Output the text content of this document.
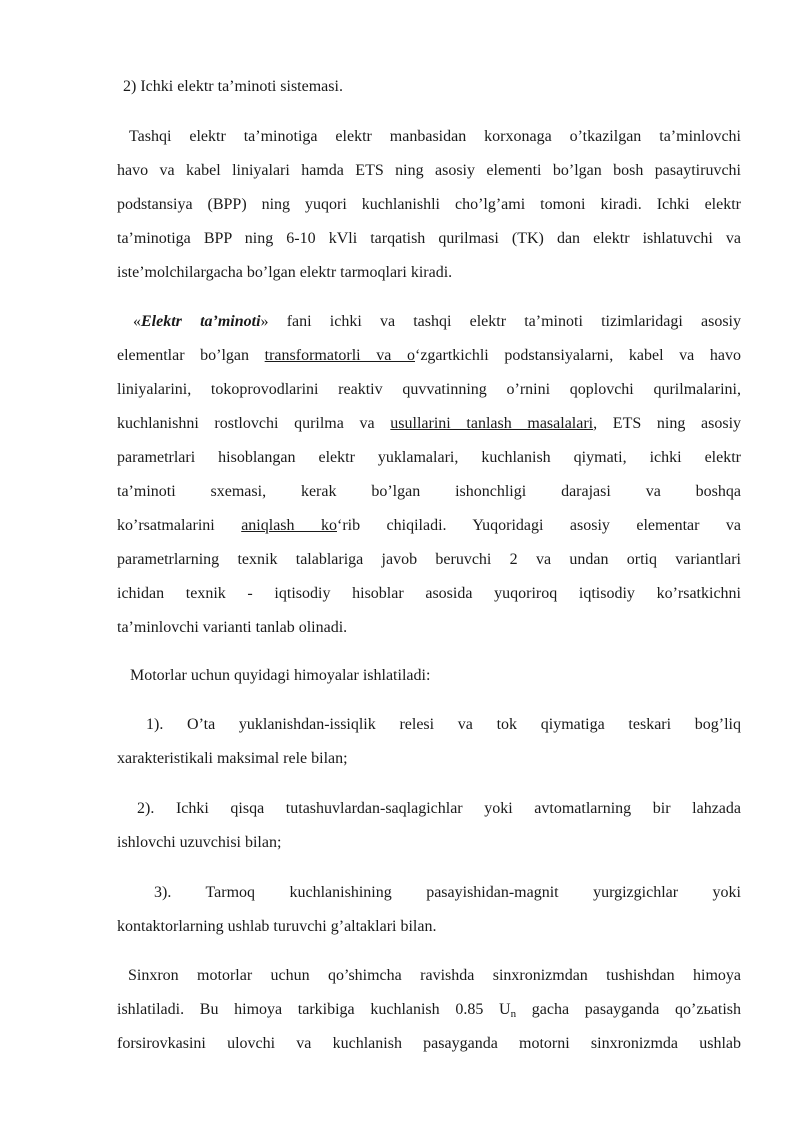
2) Ichki elektr ta’minoti sistemasi.
Tashqi elektr ta’minotiga elektr manbasidan korxonaga o’tkazilgan ta’minlovchi
havo va kabel liniyalari hamda ETS ning asosiy elementi bo’lgan bosh pasaytiruvchi
podstansiya (BPP) ning yuqori kuchlanishli cho’lg’ami tomoni kiradi. Ichki elektr
ta’minotiga BPP ning 6-10 kVli tarqatish qurilmasi (TK) dan elektr ishlatuvchi va
iste’molchilargacha bo’lgan elektr tarmoqlari kiradi.
«Elektr ta’minoti» fani ichki va tashqi elektr ta’minoti tizimlaridagi asosiy
elementlar bo’lgan transformatorli va o‘zgartkichli podstansiyalarni, kabel va havo
liniyalarini, tokoprovodlarini reaktiv quvvatinning o’rnini qoplovchi qurilmalarini,
kuchlanishni rostlovchi qurilma va usullarini tanlash masalalari, ETS ning asosiy
parametrlari hisoblangan elektr yuklamalari, kuchlanish qiymati, ichki elektr
ta’minoti sxemasi, kerak bo’lgan ishonchligi darajasi va boshqa
ko’rsatmalarini aniqlash ko‘rib chiqiladi. Yuqoridagi asosiy elementar va
parametrlarning texnik talablariga javob beruvchi 2 va undan ortiq variantlari
ichidan texnik - iqtisodiy hisoblar asosida yuqoriroq iqtisodiy ko’rsatkichni
ta’minlovchi varianti tanlab olinadi.
Motorlar uchun quyidagi himoyalar ishlatiladi:
1). O’ta yuklanishdan-issiqlik relesi va tok qiymatiga teskari bog’liq
xarakteristikali maksimal rele bilan;
2). Ichki qisqa tutashuvlardan-saqlagichlar yoki avtomatlarning bir lahzada
ishlovchi uzuvchisi bilan;
3). Tarmoq kuchlanishining pasayishidan-magnit yurgizgichlar yoki
kontaktorlarning ushlab turuvchi g’altaklari bilan.
Sinxron motorlar uchun qo’shimcha ravishda sinxronizmdan tushishdan himoya
ishlatiladi. Bu himoya tarkibiga kuchlanish 0.85 $U_n$ gacha pasayganda qo’zьatish
forsirovkasini ulovchi va kuchlanish pasayganda motorni sinxronizmda ushlab
